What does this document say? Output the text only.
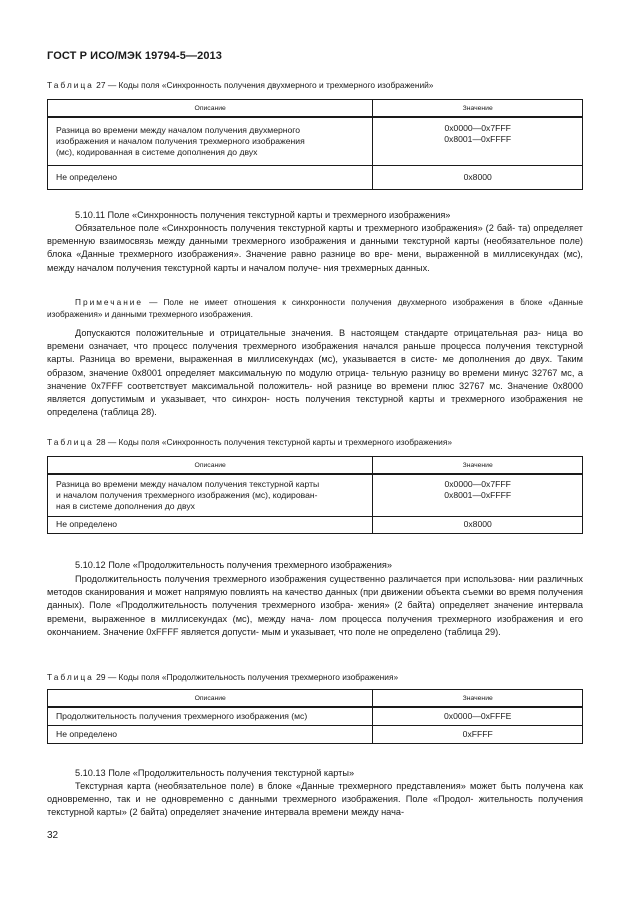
ГОСТ Р ИСО/МЭК 19794-5—2013
Таблица 27 — Коды поля «Синхронность получения двухмерного и трехмерного изображений»
Описание	Значение

Разница во времени между началом получения двухмерного
изображения и началом получения трехмерного изображения
(мс), кодированная в системе дополнения до двух	0x0000—0x7FFF
0x8001—0xFFFF

Не определено	0x8000
5.10.11 Поле «Синхронность получения текстурной карты и трехмерного изображения»
Обязательное поле «Синхронность получения текстурной карты и трехмерного изображения» (2 бай- та) определяет временную взаимосвязь между данными трехмерного изображения и данными текстурной карты (необязательное поле) блока «Данные трехмерного изображения». Значение равно разнице во вре- мени, выраженной в миллисекундах (мс), между началом получения текстурной карты и началом получе- ния трехмерных данных.
Примечание — Поле не имеет отношения к синхронности получения двухмерного изображения в блоке «Данные изображения» и данными трехмерного изображения.
Допускаются положительные и отрицательные значения. В настоящем стандарте отрицательная раз- ница во времени означает, что процесс получения трехмерного изображения начался раньше процесса получения текстурной карты. Разница во времени, выраженная в миллисекундах (мс), указывается в систе- ме дополнения до двух. Таким образом, значение 0x8001 определяет максимальную по модулю отрица- тельную разницу во времени минус 32767 мс, а значение 0x7FFF соответствует максимальной положитель- ной разнице во времени плюс 32767 мс. Значение 0x8000 является допустимым и указывает, что синхрон- ность получения текстурной карты и трехмерного изображения не определена (таблица 28).
Таблица 28 — Коды поля «Синхронность получения текстурной карты и трехмерного изображения»
Описание	Значение

Разница во времени между началом получения текстурной карты
и началом получения трехмерного изображения (мс), кодирован-
ная в системе дополнения до двух	0x0000—0x7FFF
0x8001—0xFFFF

Не определено	0x8000
5.10.12 Поле «Продолжительность получения трехмерного изображения»
Продолжительность получения трехмерного изображения существенно различается при использова- нии различных методов сканирования и может напрямую повлиять на качество данных (при движении объекта съемки во время получения данных). Поле «Продолжительность получения трехмерного изобра- жения» (2 байта) определяет значение интервала времени, выраженное в миллисекундах (мс), между нача- лом процесса получения трехмерного изображения и его окончанием. Значение 0xFFFF является допусти- мым и указывает, что поле не определено (таблица 29).
Таблица 29 — Коды поля «Продолжительность получения трехмерного изображения»
Описание	Значение
Продолжительность получения трехмерного изображения (мс)	0x0000—0xFFFE
Не определено	0xFFFF
5.10.13 Поле «Продолжительность получения текстурной карты»
Текстурная карта (необязательное поле) в блоке «Данные трехмерного представления» может быть получена как одновременно, так и не одновременно с данными трехмерного изображения. Поле «Продол- жительность получения текстурной карты» (2 байта) определяет значение интервала времени между нача-
32
